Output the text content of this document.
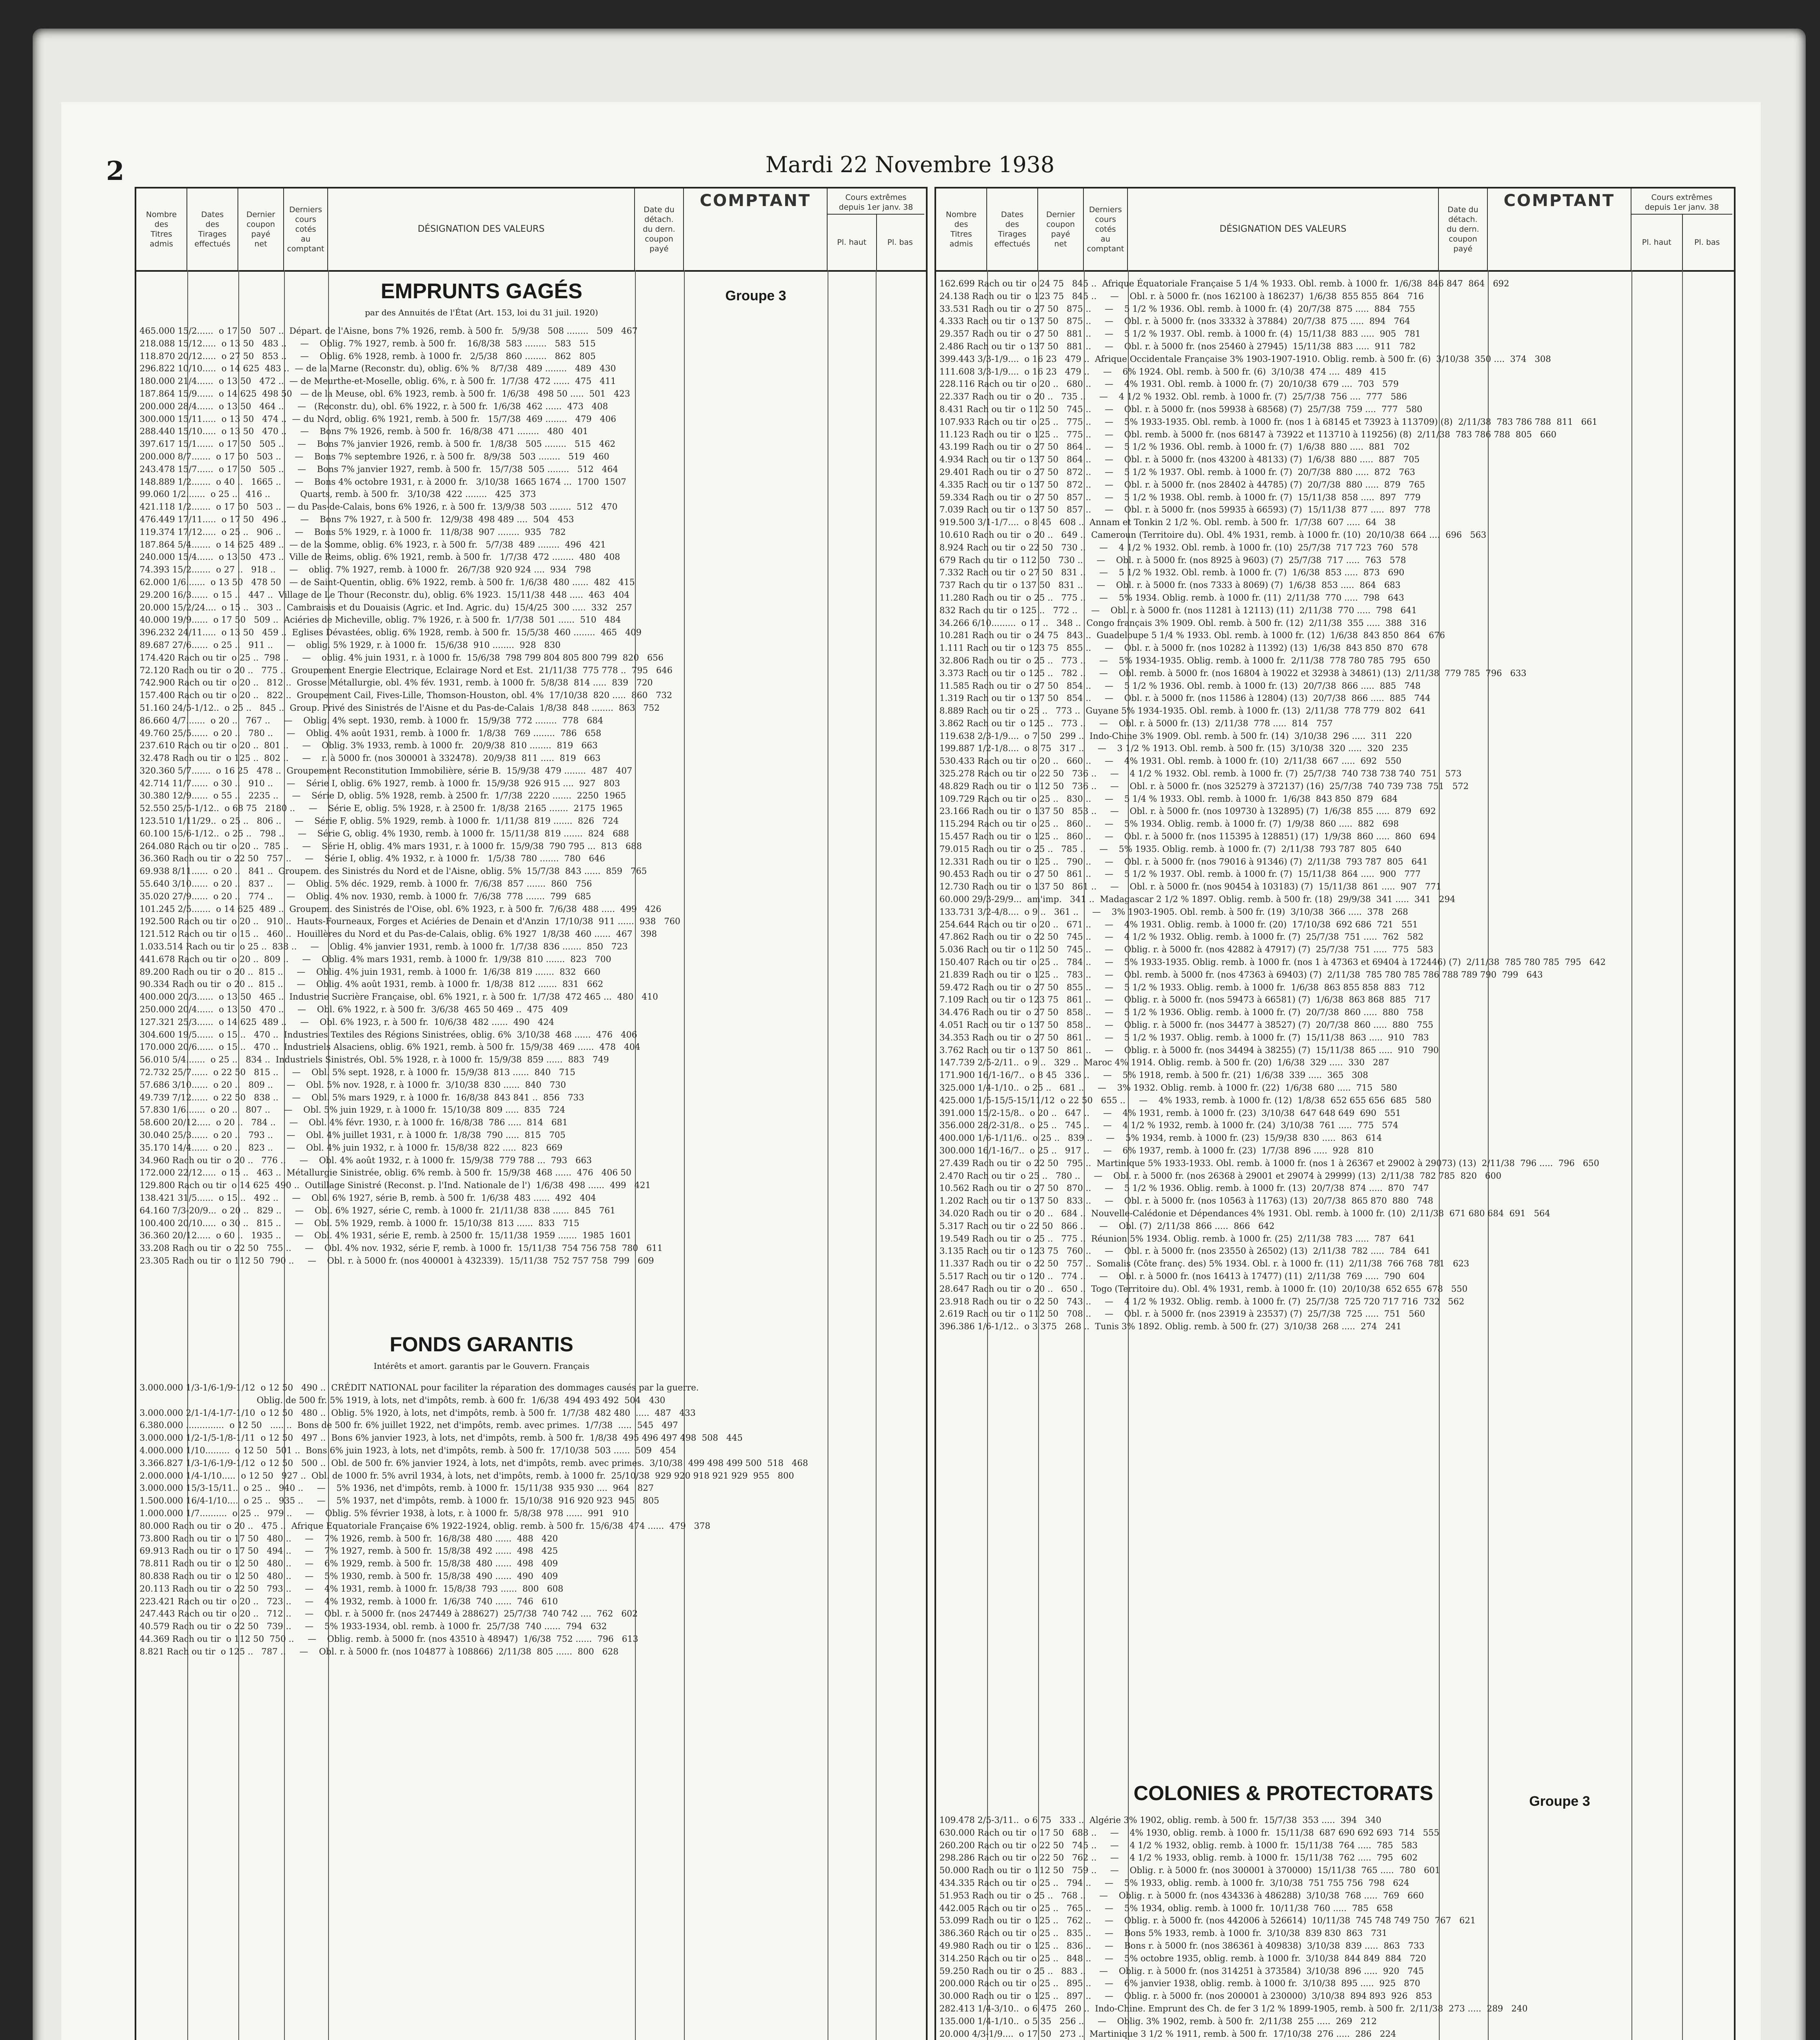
2	Mardi 22 Novembre 1938
Nombre
des
Titres
admis
Dates
des
Tirages
effectués
Dernier
coupon
payé
net
Derniers
cours
cotés
au
comptant
DÉSIGNATION DES VALEURS
Date du
détach.
du dern.
coupon
payé
COMPTANT	Cours extrêmes
depuis 1er janv. 38
Pl. haut	Pl. bas
EMPRUNTS GAGÉS
par des Annuités de l'État (Art. 153, loi du 31 juil. 1920)
Groupe 3
465.000 15/2......  o 17 50   507 ..  Départ. de l'Aisne, bons 7% 1926, remb. à 500 fr.   5/9/38   508 ........   509   467
218.088 15/12.....  o 13 50   483 ..     —    Oblig. 7% 1927, remb. à 500 fr.    16/8/38  583 ........   583   515
118.870 20/12.....  o 27 50   853 ..     —    Oblig. 6% 1928, remb. à 1000 fr.   2/5/38   860 ........   862   805
296.822 10/10.....  o 14 625  483 ..  — de la Marne (Reconstr. du), oblig. 6% %    8/7/38   489 ........   489   430
180.000 21/4......  o 13 50   472 ..  — de Meurthe-et-Moselle, oblig. 6%, r. à 500 fr.  1/7/38  472 ......  475   411
187.864 15/9......  o 14 625  498 50   — de la Meuse, obl. 6% 1923, remb. à 500 fr.  1/6/38   498 50 .....  501   423
200.000 28/4......  o 13 50   464 ..     —   (Reconstr. du), obl. 6% 1922, r. à 500 fr.  1/6/38  462 ......  473   408
300.000 15/11.....  o 13 50   474 ..  — du Nord, oblig. 6% 1921, remb. à 500 fr.   15/7/38  469 ........   479   406
288.440 15/10.....  o 13 50   470 ..     —    Bons 7% 1926, remb. à 500 fr.   16/8/38  471 ........   480   401
397.617 15/1......  o 17 50   505 ..     —    Bons 7% janvier 1926, remb. à 500 fr.   1/8/38   505 ........   515   462
200.000 8/7.......  o 17 50   503 ..     —    Bons 7% septembre 1926, r. à 500 fr.   8/9/38   503 ........   519   460
243.478 15/7......  o 17 50   505 ..     —    Bons 7% janvier 1927, remb. à 500 fr.   15/7/38  505 ........   512   464
148.889 1/2.......  o 40 ..   1665 ..     —    Bons 4% octobre 1931, r. à 2000 fr.   3/10/38  1665 1674 ...  1700  1507
99.060 1/2.......  o 25 ..   416 ..           Quarts, remb. à 500 fr.   3/10/38  422 ........   425   373
421.118 1/2.......  o 17 50   503 ..  — du Pas-de-Calais, bons 6% 1926, r. à 500 fr.  13/9/38  503 ........  512   470
476.449 17/11.....  o 17 50   496 ..     —    Bons 7% 1927, r. à 500 fr.   12/9/38  498 489 ....  504   453
119.374 17/12.....  o 25 ..   906 ..     —    Bons 5% 1929, r. à 1000 fr.   11/8/38  907 ........  935   782
187.864 5/4.......  o 14 625  489 ..  — de la Somme, oblig. 6% 1923, r. à 500 fr.   5/7/38  489 ........  496   421
240.000 15/4......  o 13 50   473 ..  Ville de Reims, oblig. 6% 1921, remb. à 500 fr.   1/7/38  472 ........  480   408
74.393 15/2.......  o 27 ..   918 ..     —    oblig. 7% 1927, remb. à 1000 fr.   26/7/38  920 924 ....  934   798
62.000 1/6.......  o 13 50   478 50   — de Saint-Quentin, oblig. 6% 1922, remb. à 500 fr.  1/6/38  480 ......  482   415
29.200 16/3......  o 15 ..   447 ..  Village de Le Thour (Reconstr. du), oblig. 6% 1923.  15/11/38  448 .....  463   404
20.000 15/2/24....  o 15 ..   303 ..  Cambraisis et du Douaisis (Agric. et Ind. Agric. du)  15/4/25  300 .....  332   257
40.000 19/9......  o 17 50   509 ..  Aciéries de Micheville, oblig. 7% 1926, r. à 500 fr.  1/7/38  501 ......  510   484
396.232 24/11.....  o 13 50   459 ..  Eglises Dévastées, oblig. 6% 1928, remb. à 500 fr.  15/5/38  460 ........  465   409
89.687 27/6......  o 25 ..   911 ..     —    oblig. 5% 1929, r. à 1000 fr.   15/6/38  910 ........  928   830
174.420 Rach ou tir  o 25 ..  798 ..     —    oblig. 4% juin 1931, r. à 1000 fr.  15/6/38  798 799 804 805 800 799  820   656
72.120 Rach ou tir  o 20 ..   775 ..  Groupement Energie Electrique, Eclairage Nord et Est.  21/11/38  775 778 ..  795   646
742.900 Rach ou tir  o 20 ..   812 ..  Grosse Métallurgie, obl. 4% fév. 1931, remb. à 1000 fr.  5/8/38  814 .....  839   720
157.400 Rach ou tir  o 20 ..   822 ..  Groupement Cail, Fives-Lille, Thomson-Houston, obl. 4%  17/10/38  820 .....  860   732
51.160 24/5-1/12..  o 25 ..   845 ..  Group. Privé des Sinistrés de l'Aisne et du Pas-de-Calais  1/8/38  848 ........  863   752
86.660 4/7.......  o 20 ..   767 ..     —    Oblig. 4% sept. 1930, remb. à 1000 fr.   15/9/38  772 ........  778   684
49.760 25/5......  o 20 ..   780 ..     —    Oblig. 4% août 1931, remb. à 1000 fr.   1/8/38   769 ........  786   658
237.610 Rach ou tir  o 20 ..  801 ..     —    Oblig. 3% 1933, remb. à 1000 fr.   20/9/38  810 ........  819   663
32.478 Rach ou tir  o 125 ..  802 ..     —    r. à 5000 fr. (nos 300001 à 332478).  20/9/38  811 .....  819   663
320.360 5/7.......  o 16 25   478 ..  Groupement Reconstitution Immobilière, série B.  15/9/38  479 ........  487   407
42.714 11/7......  o 30 ..   910 ..     —    Série I, oblig. 6% 1927, remb. à 1000 fr.  15/9/38  926 915 ....  927   803
30.380 12/9......  o 55 ..   2235 ..     —    Série D, oblig. 5% 1928, remb. à 2500 fr.  1/7/38  2220 .......  2250  1965
52.550 25/5-1/12..  o 68 75   2180 ..     —    Série E, oblig. 5% 1928, r. à 2500 fr.  1/8/38  2165 .......  2175  1965
123.510 1/11/29..  o 25 ..   806 ..     —    Série F, oblig. 5% 1929, remb. à 1000 fr.  1/11/38  819 .......  826   724
60.100 15/6-1/12..  o 25 ..   798 ..     —    Série G, oblig. 4% 1930, remb. à 1000 fr.  15/11/38  819 .......  824   688
264.080 Rach ou tir  o 20 ..  785 ..     —    Série H, oblig. 4% mars 1931, r. à 1000 fr.  15/9/38  790 795 ...  813   688
36.360 Rach ou tir  o 22 50   757 ..     —    Série I, oblig. 4% 1932, r. à 1000 fr.   1/5/38  780 .......  780   646
69.938 8/11......  o 20 ..   841 ..  Groupem. des Sinistrés du Nord et de l'Aisne, oblig. 5%  15/7/38  843 ......  859   765
55.640 3/10......  o 20 ..   837 ..     —    Oblig. 5% déc. 1929, remb. à 1000 fr.  7/6/38  857 .......  860   756
35.020 27/9......  o 20 ..   774 ..     —    Oblig. 4% nov. 1930, remb. à 1000 fr.  7/6/38  778 .......  799   685
101.245 2/5.......  o 14 625  489 ..  Groupem. des Sinistrés de l'Oise, obl. 6% 1923, r. à 500 fr.  7/6/38  488 .....  499   426
192.500 Rach ou tir  o 20 ..   910 ..  Hauts-Fourneaux, Forges et Aciéries de Denain et d'Anzin  17/10/38  911 ......  938   760
121.512 Rach ou tir  o 15 ..   460 ..  Houillères du Nord et du Pas-de-Calais, oblig. 6% 1927  1/8/38  460 ......  467   398
1.033.514 Rach ou tir  o 25 ..  838 ..     —    Oblig. 4% janvier 1931, remb. à 1000 fr.  1/7/38  836 .......  850   723
441.678 Rach ou tir  o 20 ..  809 ..     —    Oblig. 4% mars 1931, remb. à 1000 fr.  1/9/38  810 .......  823   700
89.200 Rach ou tir  o 20 ..  815 ..     —    Oblig. 4% juin 1931, remb. à 1000 fr.  1/6/38  819 .......  832   660
90.334 Rach ou tir  o 20 ..  815 ..     —    Oblig. 4% août 1931, remb. à 1000 fr.  1/8/38  812 .......  831   662
400.000 20/3......  o 13 50   465 ..  Industrie Sucrière Française, obl. 6% 1921, r. à 500 fr.  1/7/38  472 465 ...  480   410
250.000 20/4......  o 13 50   470 ..     —    Obl. 6% 1922, r. à 500 fr.  3/6/38  465 50 469 ..  475   409
127.321 25/3......  o 14 625  489 ..     —    Obl. 6% 1923, r. à 500 fr.  10/6/38  482 ......  490   424
304.600 19/5......  o 15 ..   470 ..  Industries Textiles des Régions Sinistrées, oblig. 6%  3/10/38  468 ......  476   406
170.000 20/6......  o 15 ..   470 ..  Industriels Alsaciens, oblig. 6% 1921, remb. à 500 fr.  15/9/38  469 ......  478   404
56.010 5/4.......  o 25 ..   834 ..  Industriels Sinistrés, Obl. 5% 1928, r. à 1000 fr.  15/9/38  859 ......  883   749
72.732 25/7......  o 22 50   815 ..     —    Obl. 5% sept. 1928, r. à 1000 fr.  15/9/38  813 ......  840   715
57.686 3/10......  o 20 ..   809 ..     —    Obl. 5% nov. 1928, r. à 1000 fr.  3/10/38  830 ......  840   730
49.739 7/12......  o 22 50   838 ..     —    Obl. 5% mars 1929, r. à 1000 fr.  16/8/38  843 841 ..  856   733
57.830 1/6.......  o 20 ..   807 ..     —    Obl. 5% juin 1929, r. à 1000 fr.  15/10/38  809 .....  835   724
58.600 20/12.....  o 20 ..   784 ..     —    Obl. 4% févr. 1930, r. à 1000 fr.  16/8/38  786 .....  814   681
30.040 25/3......  o 20 ..   793 ..     —    Obl. 4% juillet 1931, r. à 1000 fr.  1/8/38  790 .....  815   705
35.170 14/4......  o 20 ..   823 ..     —    Obl. 4% juin 1932, r. à 1000 fr.  15/8/38  822 .....  823   669
34.960 Rach ou tir  o 20 ..   776 ..     —    Obl. 4% août 1932, r. à 1000 fr.  15/9/38  779 788 ...  793   663
172.000 22/12.....  o 15 ..   463 ..  Métallurgie Sinistrée, oblig. 6% remb. à 500 fr.  15/9/38  468 ......  476   406 50
129.800 Rach ou tir  o 14 625  490 ..  Outillage Sinistré (Reconst. p. l'Ind. Nationale de l')  1/6/38  498 ......  499   421
138.421 31/5......  o 15 ..   492 ..     —    Obl. 6% 1927, série B, remb. à 500 fr.  1/6/38  483 ......  492   404
64.160 7/3-20/9...  o 20 ..   829 ..     —    Obl. 6% 1927, série C, remb. à 1000 fr.  21/11/38  838 ......  845   761
100.400 20/10.....  o 30 ..   815 ..     —    Obl. 5% 1929, remb. à 1000 fr.  15/10/38  813 ......  833   715
36.360 20/12.....  o 60 ..   1935 ..     —    Obl. 4% 1931, série E, remb. à 2500 fr.  15/11/38  1959 .......  1985  1601
33.208 Rach ou tir  o 22 50   755 ..     —    Obl. 4% nov. 1932, série F, remb. à 1000 fr.  15/11/38  754 756 758  780   611
23.305 Rach ou tir  o 112 50  790 ..     —    Obl. r. à 5000 fr. (nos 400001 à 432339).  15/11/38  752 757 758  799   609
FONDS GARANTIS
Intérêts et amort. garantis par le Gouvern. Français
3.000.000 1/3-1/6-1/9-1/12  o 12 50   490 ..  CRÉDIT NATIONAL pour faciliter la réparation des dommages causés par la guerre.
Oblig. de 500 fr. 5% 1919, à lots, net d'impôts, remb. à 600 fr.  1/6/38  494 493 492  504   430
3.000.000 2/1-1/4-1/7-1/10  o 12 50   480 ..  Oblig. 5% 1920, à lots, net d'impôts, remb. à 500 fr.  1/7/38  482 480  .....  487   433
6.380.000 ..............  o 12 50   ..... ..  Bons de 500 fr. 6% juillet 1922, net d'impôts, remb. avec primes.  1/7/38  .....  545   497
3.000.000 1/2-1/5-1/8-1/11  o 12 50   497 ..  Bons 6% janvier 1923, à lots, net d'impôts, remb. à 500 fr.  1/8/38  495 496 497 498  508   445
4.000.000 1/10.........  o 12 50   501 ..  Bons 6% juin 1923, à lots, net d'impôts, remb. à 500 fr.  17/10/38  503 ......  509   454
3.366.827 1/3-1/6-1/9-1/12  o 12 50   500 ..  Obl. de 500 fr. 6% janvier 1924, à lots, net d'impôts, remb. avec primes.  3/10/38  499 498 499 500  518   468
2.000.000 1/4-1/10.....  o 12 50   927 ..  Obl. de 1000 fr. 5% avril 1934, à lots, net d'impôts, remb. à 1000 fr.  25/10/38  929 920 918 921 929  955   800
3.000.000 15/3-15/11..  o 25 ..   940 ..     —    5% 1936, net d'impôts, remb. à 1000 fr.  15/11/38  935 930 ....  964   827
1.500.000 16/4-1/10....  o 25 ..   935 ..     —    5% 1937, net d'impôts, remb. à 1000 fr.  15/10/38  916 920 923  945   805
1.000.000 1/7..........  o 25 ..   979 ..     —    Oblig. 5% février 1938, à lots, r. à 1000 fr.  5/8/38  978 ......  991   910
80.000 Rach ou tir  o 20 ..   475 ..  Afrique Equatoriale Française 6% 1922-1924, oblig. remb. à 500 fr.  15/6/38  474 ......  479   378
73.800 Rach ou tir  o 17 50   480 ..     —    7% 1926, remb. à 500 fr.  16/8/38  480 ......  488   420
69.913 Rach ou tir  o 17 50   494 ..     —    7% 1927, remb. à 500 fr.  15/8/38  492 ......  498   425
78.811 Rach ou tir  o 12 50   480 ..     —    6% 1929, remb. à 500 fr.  15/8/38  480 ......  498   409
80.838 Rach ou tir  o 12 50   480 ..     —    5% 1930, remb. à 500 fr.  15/8/38  490 ......  490   409
20.113 Rach ou tir  o 22 50   793 ..     —    4% 1931, remb. à 1000 fr.  15/8/38  793 ......  800   608
223.421 Rach ou tir  o 20 ..   723 ..     —    4% 1932, remb. à 1000 fr.  1/6/38  740 ......  746   610
247.443 Rach ou tir  o 20 ..   712 ..     —    Obl. r. à 5000 fr. (nos 247449 à 288627)  25/7/38  740 742 ....  762   602
40.579 Rach ou tir  o 22 50   739 ..     —    5% 1933-1934, obl. remb. à 1000 fr.  25/7/38  740 ......  794   632
44.369 Rach ou tir  o 112 50  750 ..     —    Oblig. remb. à 5000 fr. (nos 43510 à 48947)  1/6/38  752 ......  796   613
8.821 Rach ou tir  o 125 ..   787 ..     —    Obl. r. à 5000 fr. (nos 104877 à 108866)  2/11/38  805 ......  800   628
Nombre
des
Titres
admis
Dates
des
Tirages
effectués
Dernier
coupon
payé
net
Derniers
cours
cotés
au
comptant
DÉSIGNATION DES VALEURS
Date du
détach.
du dern.
coupon
payé
COMPTANT	Cours extrêmes
depuis 1er janv. 38
Pl. haut	Pl. bas
162.699 Rach ou tir  o 24 75   845 ..  Afrique Équatoriale Française 5 1/4 % 1933. Obl. remb. à 1000 fr.  1/6/38  846 847  864   692
24.138 Rach ou tir  o 123 75   845 ..     —    Obl. r. à 5000 fr. (nos 162100 à 186237)  1/6/38  855 855  864   716
33.531 Rach ou tir  o 27 50   875 ..     —    5 1/2 % 1936. Obl. remb. à 1000 fr. (4)  20/7/38  875 .....  884   755
4.333 Rach ou tir  o 137 50   875 ..     —    Obl. r. à 5000 fr. (nos 33332 à 37884)  20/7/38  875 .....  894   764
29.357 Rach ou tir  o 27 50   881 ..     —    5 1/2 % 1937. Obl. remb. à 1000 fr. (4)  15/11/38  883 .....  905   781
2.486 Rach ou tir  o 137 50   881 ..     —    Obl. r. à 5000 fr. (nos 25460 à 27945)  15/11/38  883 .....  911   782
399.443 3/3-1/9....  o 16 23   479 ..  Afrique Occidentale Française 3% 1903-1907-1910. Oblig. remb. à 500 fr. (6)  3/10/38  350 ....  374   308
111.608 3/3-1/9....  o 16 23   479 ..     —    6% 1924. Obl. remb. à 500 fr. (6)  3/10/38  474 ....  489   415
228.116 Rach ou tir  o 20 ..   680 ..     —    4% 1931. Obl. remb. à 1000 fr. (7)  20/10/38  679 ....  703   579
22.337 Rach ou tir  o 20 ..   735 ..     —    4 1/2 % 1932. Obl. remb. à 1000 fr. (7)  25/7/38  756 ....  777   586
8.431 Rach ou tir  o 112 50   745 ..     —    Obl. r. à 5000 fr. (nos 59938 à 68568) (7)  25/7/38  759 ....  777   580
107.933 Rach ou tir  o 25 ..   775 ..     —    5% 1933-1935. Obl. remb. à 1000 fr. (nos 1 à 68145 et 73923 à 113709) (8)  2/11/38  783 786 788  811   661
11.123 Rach ou tir  o 125 ..   775 ..     —    Obl. remb. à 5000 fr. (nos 68147 à 73922 et 113710 à 119256) (8)  2/11/38  783 786 788  805   660
43.199 Rach ou tir  o 27 50   864 ..     —    5 1/2 % 1936. Obl. remb. à 1000 fr. (7)  1/6/38  880 .....  881   702
4.934 Rach ou tir  o 137 50   864 ..     —    Obl. r. à 5000 fr. (nos 43200 à 48133) (7)  1/6/38  880 .....  887   705
29.401 Rach ou tir  o 27 50   872 ..     —    5 1/2 % 1937. Obl. remb. à 1000 fr. (7)  20/7/38  880 .....  872   763
4.335 Rach ou tir  o 137 50   872 ..     —    Obl. r. à 5000 fr. (nos 28402 à 44785) (7)  20/7/38  880 .....  879   765
59.334 Rach ou tir  o 27 50   857 ..     —    5 1/2 % 1938. Obl. remb. à 1000 fr. (7)  15/11/38  858 .....  897   779
7.039 Rach ou tir  o 137 50   857 ..     —    Obl. r. à 5000 fr. (nos 59935 à 66593) (7)  15/11/38  877 .....  897   778
919.500 3/1-1/7....  o 8 45   608 ..  Annam et Tonkin 2 1/2 %. Obl. remb. à 500 fr.  1/7/38  607 .....  64   38
10.610 Rach ou tir  o 20 ..   649 ..  Cameroun (Territoire du). Obl. 4% 1931, remb. à 1000 fr. (10)  20/10/38  664 ....  696   563
8.924 Rach ou tir  o 22 50   730 ..     —    4 1/2 % 1932. Obl. remb. à 1000 fr. (10)  25/7/38  717 723  760   578
679 Rach ou tir  o 112 50   730 ..     —    Obl. r. à 5000 fr. (nos 8925 à 9603) (7)  25/7/38  717 .....  763   578
7.332 Rach ou tir  o 27 50   831 ..     —    5 1/2 % 1932. Obl. remb. à 1000 fr. (7)  1/6/38  853 .....  873   690
737 Rach ou tir  o 137 50   831 ..     —    Obl. r. à 5000 fr. (nos 7333 à 8069) (7)  1/6/38  853 .....  864   683
11.280 Rach ou tir  o 25 ..   775 ..     —    5% 1934. Oblig. remb. à 1000 fr. (11)  2/11/38  770 .....  798   643
832 Rach ou tir  o 125 ..   772 ..     —    Obl. r. à 5000 fr. (nos 11281 à 12113) (11)  2/11/38  770 .....  798   641
34.266 6/10.........  o 17 ..   348 ..  Congo français 3% 1909. Obl. remb. à 500 fr. (12)  2/11/38  355 .....  388   316
10.281 Rach ou tir  o 24 75   843 ..  Guadeloupe 5 1/4 % 1933. Obl. remb. à 1000 fr. (12)  1/6/38  843 850  864   676
1.111 Rach ou tir  o 123 75   855 ..     —    Obl. r. à 5000 fr. (nos 10282 à 11392) (13)  1/6/38  843 850  870   678
32.806 Rach ou tir  o 25 ..   773 ..     —    5% 1934-1935. Oblig. remb. à 1000 fr.  2/11/38  778 780 785  795   650
3.373 Rach ou tir  o 125 ..   782 ..     —    Obl. remb. à 5000 fr. (nos 16804 à 19022 et 32938 à 34861) (13)  2/11/38  779 785  796   633
11.585 Rach ou tir  o 27 50   854 ..     —    5 1/2 % 1936. Obl. remb. à 1000 fr. (13)  20/7/38  866 .....  885   748
1.319 Rach ou tir  o 137 50   854 ..     —    Obl. r. à 5000 fr. (nos 11586 à 12804) (13)  20/7/38  866 .....  885   744
8.889 Rach ou tir  o 25 ..   773 ..  Guyane 5% 1934-1935. Obl. remb. à 1000 fr. (13)  2/11/38  778 779  802   641
3.862 Rach ou tir  o 125 ..   773 ..     —    Obl. r. à 5000 fr. (13)  2/11/38  778 .....  814   757
119.638 2/3-1/9....  o 7 50   299 ..  Indo-Chine 3% 1909. Obl. remb. à 500 fr. (14)  3/10/38  296 .....  311   220
199.887 1/2-1/8....  o 8 75   317 ..     —    3 1/2 % 1913. Obl. remb. à 500 fr. (15)  3/10/38  320 .....  320   235
530.433 Rach ou tir  o 20 ..   660 ..     —    4% 1931. Obl. remb. à 1000 fr. (10)  2/11/38  667 .....  692   550
325.278 Rach ou tir  o 22 50   736 ..     —    4 1/2 % 1932. Obl. remb. à 1000 fr. (7)  25/7/38  740 738 738 740  751   573
48.829 Rach ou tir  o 112 50   736 ..     —    Obl. r. à 5000 fr. (nos 325279 à 372137) (16)  25/7/38  740 739 738  751   572
109.729 Rach ou tir  o 25 ..   830 ..     —    5 1/4 % 1933. Obl. remb. à 1000 fr.  1/6/38  843 850  879   684
23.166 Rach ou tir  o 137 50   853 ..     —    Obl. r. à 5000 fr. (nos 109730 à 132895) (7)  1/6/38  855 .....  879   692
115.294 Rach ou tir  o 25 ..   860 ..     —    5% 1934. Oblig. remb. à 1000 fr. (7)  1/9/38  860 .....  882   698
15.457 Rach ou tir  o 125 ..   860 ..     —    Obl. r. à 5000 fr. (nos 115395 à 128851) (17)  1/9/38  860 .....  860   694
79.015 Rach ou tir  o 25 ..   785 ..     —    5% 1935. Oblig. remb. à 1000 fr. (7)  2/11/38  793 787  805   640
12.331 Rach ou tir  o 125 ..   790 ..     —    Obl. r. à 5000 fr. (nos 79016 à 91346) (7)  2/11/38  793 787  805   641
90.453 Rach ou tir  o 27 50   861 ..     —    5 1/2 % 1937. Obl. remb. à 1000 fr. (7)  15/11/38  864 .....  900   777
12.730 Rach ou tir  o 137 50   861 ..     —    Obl. r. à 5000 fr. (nos 90454 à 103183) (7)  15/11/38  861 .....  907   771
60.000 29/3-29/9...  am'imp.   341 ..  Madagascar 2 1/2 % 1897. Oblig. remb. à 500 fr. (18)  29/9/38  341 .....  341   294
133.731 3/2-4/8....  o 9 ..   361 ..     —    3% 1903-1905. Obl. remb. à 500 fr. (19)  3/10/38  366 .....  378   268
254.644 Rach ou tir  o 20 ..   671 ..     —    4% 1931. Oblig. remb. à 1000 fr. (20)  17/10/38  692 686  721   551
47.862 Rach ou tir  o 22 50   745 ..     —    4 1/2 % 1932. Oblig. remb. à 1000 fr. (7)  25/7/38  751 .....  762   582
5.036 Rach ou tir  o 112 50   745 ..     —    Oblig. r. à 5000 fr. (nos 42882 à 47917) (7)  25/7/38  751 .....  775   583
150.407 Rach ou tir  o 25 ..   784 ..     —    5% 1933-1935. Oblig. remb. à 1000 fr. (nos 1 à 47363 et 69404 à 172446) (7)  2/11/38  785 780 785  795   642
21.839 Rach ou tir  o 125 ..   783 ..     —    Obl. remb. à 5000 fr. (nos 47363 à 69403) (7)  2/11/38  785 780 785 786 788 789 790  799   643
59.472 Rach ou tir  o 27 50   855 ..     —    5 1/2 % 1933. Oblig. remb. à 1000 fr.  1/6/38  863 855 858  883   712
7.109 Rach ou tir  o 123 75   861 ..     —    Oblig. r. à 5000 fr. (nos 59473 à 66581) (7)  1/6/38  863 868  885   717
34.476 Rach ou tir  o 27 50   858 ..     —    5 1/2 % 1936. Oblig. remb. à 1000 fr. (7)  20/7/38  860 .....  880   758
4.051 Rach ou tir  o 137 50   858 ..     —    Oblig. r. à 5000 fr. (nos 34477 à 38527) (7)  20/7/38  860 .....  880   755
34.353 Rach ou tir  o 27 50   861 ..     —    5 1/2 % 1937. Oblig. remb. à 1000 fr. (7)  15/11/38  863 .....  910   783
3.762 Rach ou tir  o 137 50   861 ..     —    Oblig. r. à 5000 fr. (nos 34494 à 38255) (7)  15/11/38  865 .....  910   790
147.739 2/5-2/11..  o 9 ..   329 ..  Maroc 4% 1914. Oblig. remb. à 500 fr. (20)  1/6/38  329 .....  330   287
171.900 16/1-16/7..  o 8 45   336 ..     —    5% 1918, remb. à 500 fr. (21)  1/6/38  339 .....  365   308
325.000 1/4-1/10..  o 25 ..   681 ..     —    3% 1932. Oblig. remb. à 1000 fr. (22)  1/6/38  680 .....  715   580
425.000 1/5-15/5-15/11/12  o 22 50   655 ..     —    4% 1933, remb. à 1000 fr. (12)  1/8/38  652 655 656  685   580
391.000 15/2-15/8..  o 20 ..   647 ..     —    4% 1931, remb. à 1000 fr. (23)  3/10/38  647 648 649  690   551
356.000 28/2-31/8..  o 25 ..   745 ..     —    4 1/2 % 1932, remb. à 1000 fr. (24)  3/10/38  761 .....  775   574
400.000 1/6-1/11/6..  o 25 ..   839 ..     —    5% 1934, remb. à 1000 fr. (23)  15/9/38  830 .....  863   614
300.000 16/1-16/7..  o 25 ..   917 ..     —    6% 1937, remb. à 1000 fr. (23)  1/7/38  896 .....  928   810
27.439 Rach ou tir  o 22 50   795 ..  Martinique 5% 1933-1933. Obl. remb. à 1000 fr. (nos 1 à 26367 et 29002 à 29073) (13)  2/11/38  796 .....  796   650
2.470 Rach ou tir  o 25 ..   780 ..     —    Obl. r. à 5000 fr. (nos 26368 à 29001 et 29074 à 29999) (13)  2/11/38  782 785  820   600
10.562 Rach ou tir  o 27 50   870 ..     —    5 1/2 % 1936. Oblig. remb. à 1000 fr. (13)  20/7/38  874 .....  870   747
1.202 Rach ou tir  o 137 50   833 ..     —    Obl. r. à 5000 fr. (nos 10563 à 11763) (13)  20/7/38  865 870  880   748
34.020 Rach ou tir  o 20 ..   684 ..  Nouvelle-Calédonie et Dépendances 4% 1931. Obl. remb. à 1000 fr. (10)  2/11/38  671 680 684  691   564
5.317 Rach ou tir  o 22 50   866 ..     —    Obl. (7)  2/11/38  866 .....  866   642
19.549 Rach ou tir  o 25 ..   775 ..  Réunion 5% 1934. Oblig. remb. à 1000 fr. (25)  2/11/38  783 .....  787   641
3.135 Rach ou tir  o 123 75   760 ..     —    Obl. r. à 5000 fr. (nos 23550 à 26502) (13)  2/11/38  782 .....  784   641
11.337 Rach ou tir  o 22 50   757 ..  Somalis (Côte franç. des) 5% 1934. Obl. r. à 1000 fr. (11)  2/11/38  766 768  781   623
5.517 Rach ou tir  o 120 ..   774 ..     —    Obl. r. à 5000 fr. (nos 16413 à 17477) (11)  2/11/38  769 .....  790   604
28.647 Rach ou tir  o 20 ..   650 ..  Togo (Territoire du). Obl. 4% 1931, remb. à 1000 fr. (10)  20/10/38  652 655  678   550
23.918 Rach ou tir  o 22 50   743 ..     —    4 1/2 % 1932. Oblig. remb. à 1000 fr. (7)  25/7/38  725 720 717 716  732   562
2.619 Rach ou tir  o 112 50   708 ..     —    Obl. r. à 5000 fr. (nos 23919 à 23537) (7)  25/7/38  725 .....  751   560
396.386 1/6-1/12..  o 3 375   268 ..  Tunis 3% 1892. Oblig. remb. à 500 fr. (27)  3/10/38  268 .....  274   241
COLONIES & PROTECTORATS	Groupe 3
109.478 2/5-3/11..  o 6 75   333 ..  Algérie 3% 1902, oblig. remb. à 500 fr.  15/7/38  353 .....  394   340
630.000 Rach ou tir  o 17 50   688 ..     —    4% 1930, oblig. remb. à 1000 fr.  15/11/38  687 690 692 693  714   555
260.200 Rach ou tir  o 22 50   745 ..     —    4 1/2 % 1932, oblig. remb. à 1000 fr.  15/11/38  764 .....  785   583
298.286 Rach ou tir  o 22 50   762 ..     —    4 1/2 % 1933, oblig. remb. à 1000 fr.  15/11/38  762 .....  795   602
50.000 Rach ou tir  o 112 50   759 ..     —    Oblig. r. à 5000 fr. (nos 300001 à 370000)  15/11/38  765 .....  780   601
434.335 Rach ou tir  o 25 ..   794 ..     —    5% 1933, oblig. remb. à 1000 fr.  3/10/38  751 755 756  798   624
51.953 Rach ou tir  o 25 ..   768 ..     —    Oblig. r. à 5000 fr. (nos 434336 à 486288)  3/10/38  768 .....  769   660
442.005 Rach ou tir  o 25 ..   765 ..     —    5% 1934, oblig. remb. à 1000 fr.  10/11/38  760 .....  785   658
53.099 Rach ou tir  o 125 ..   762 ..     —    Oblig. r. à 5000 fr. (nos 442006 à 526614)  10/11/38  745 748 749 750  767   621
386.360 Rach ou tir  o 25 ..   835 ..     —    Bons 5% 1933, remb. à 1000 fr.  3/10/38  839 830  863   731
49.980 Rach ou tir  o 125 ..   836 ..     —    Bons r. à 5000 fr. (nos 386361 à 409838)  3/10/38  839 .....  863   733
314.250 Rach ou tir  o 25 ..   848 ..     —    5% octobre 1935, oblig. remb. à 1000 fr.  3/10/38  844 849  884   720
59.250 Rach ou tir  o 25 ..   883 ..     —    Oblig. r. à 5000 fr. (nos 314251 à 373584)  3/10/38  896 .....  920   745
200.000 Rach ou tir  o 25 ..   895 ..     —    6% janvier 1938, oblig. remb. à 1000 fr.  3/10/38  895 .....  925   870
30.000 Rach ou tir  o 125 ..   897 ..     —    Oblig. r. à 5000 fr. (nos 200001 à 230000)  3/10/38  894 893  926   853
282.413 1/4-3/10..  o 6 475   260 ..  Indo-Chine. Emprunt des Ch. de fer 3 1/2 % 1899-1905, remb. à 500 fr.  2/11/38  273 .....  289   240
135.000 1/4-1/10..  o 5 35   256 ..     —    Oblig. 3% 1902, remb. à 500 fr.  2/11/38  255 .....  269   212
20.000 4/3-1/9....  o 17 50   273 ..  Martinique 3 1/2 % 1911, remb. à 500 fr.  17/10/38  276 .....  286   224
